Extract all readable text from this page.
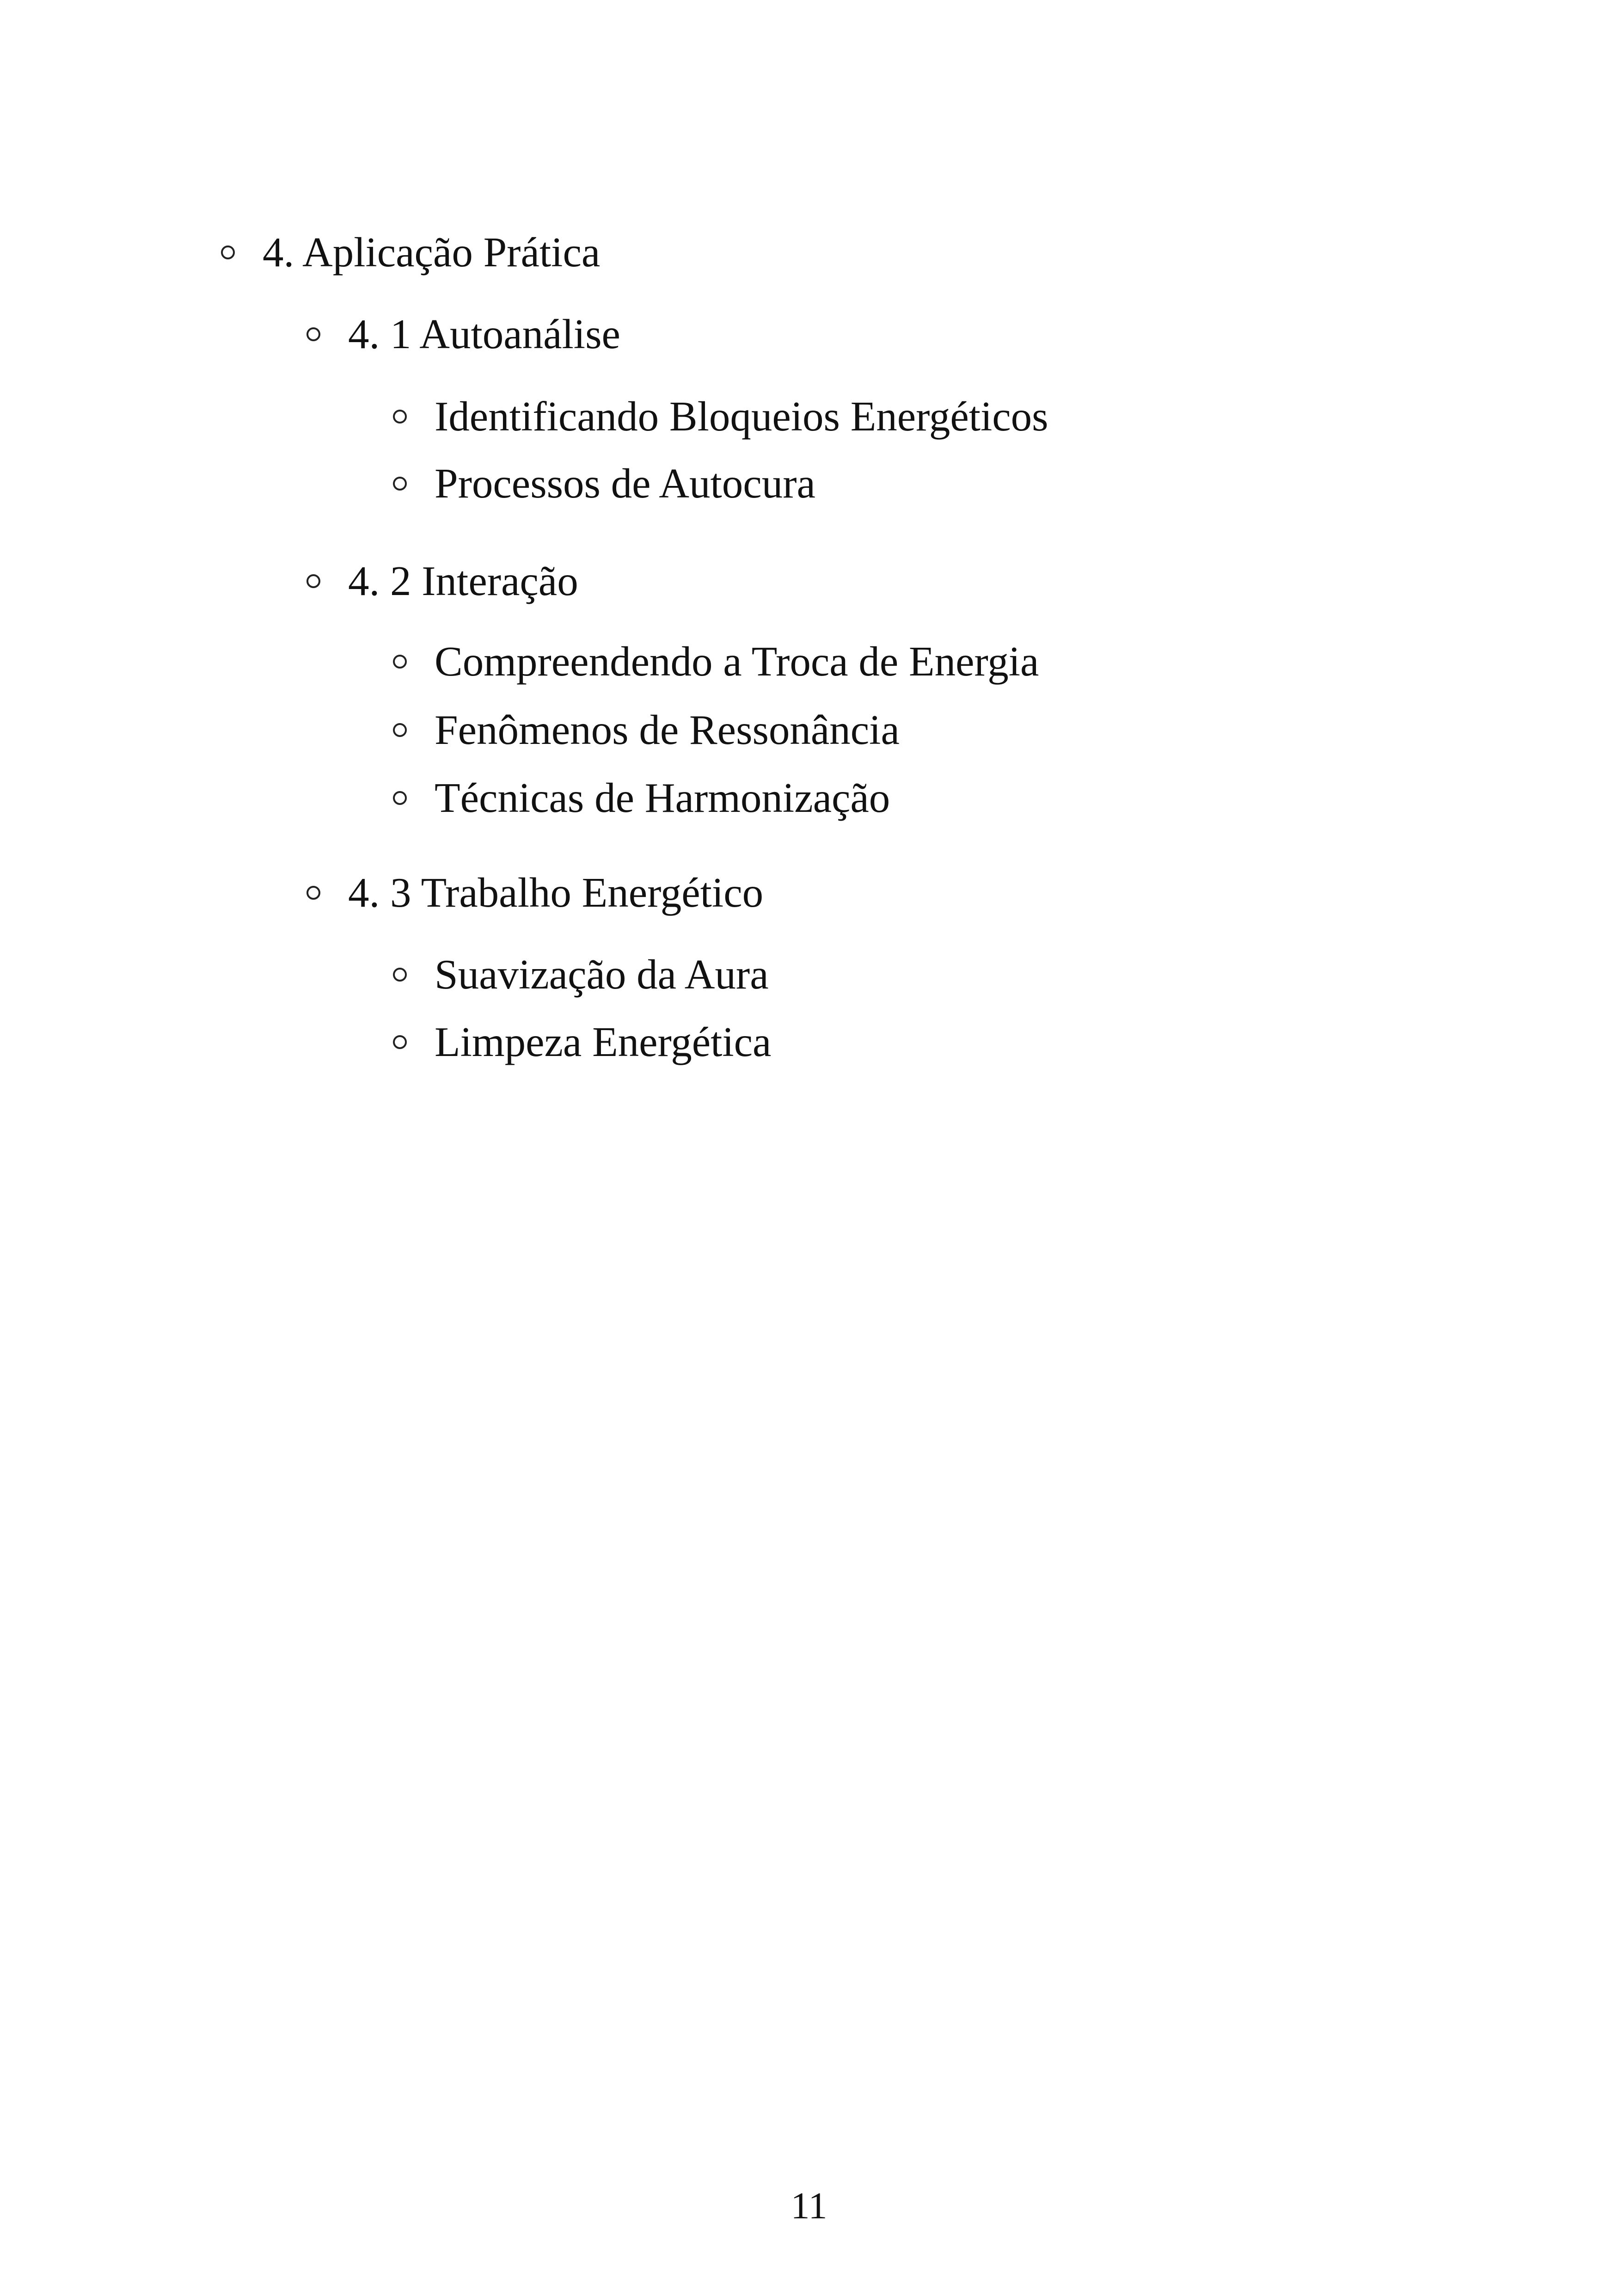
4. Aplicação Prática
4. 1 Autoanálise
Identificando Bloqueios Energéticos
Processos de Autocura
4. 2 Interação
Compreendendo a Troca de Energia
Fenômenos de Ressonância
Técnicas de Harmonização
4. 3 Trabalho Energético
Suavização da Aura
Limpeza Energética
11
